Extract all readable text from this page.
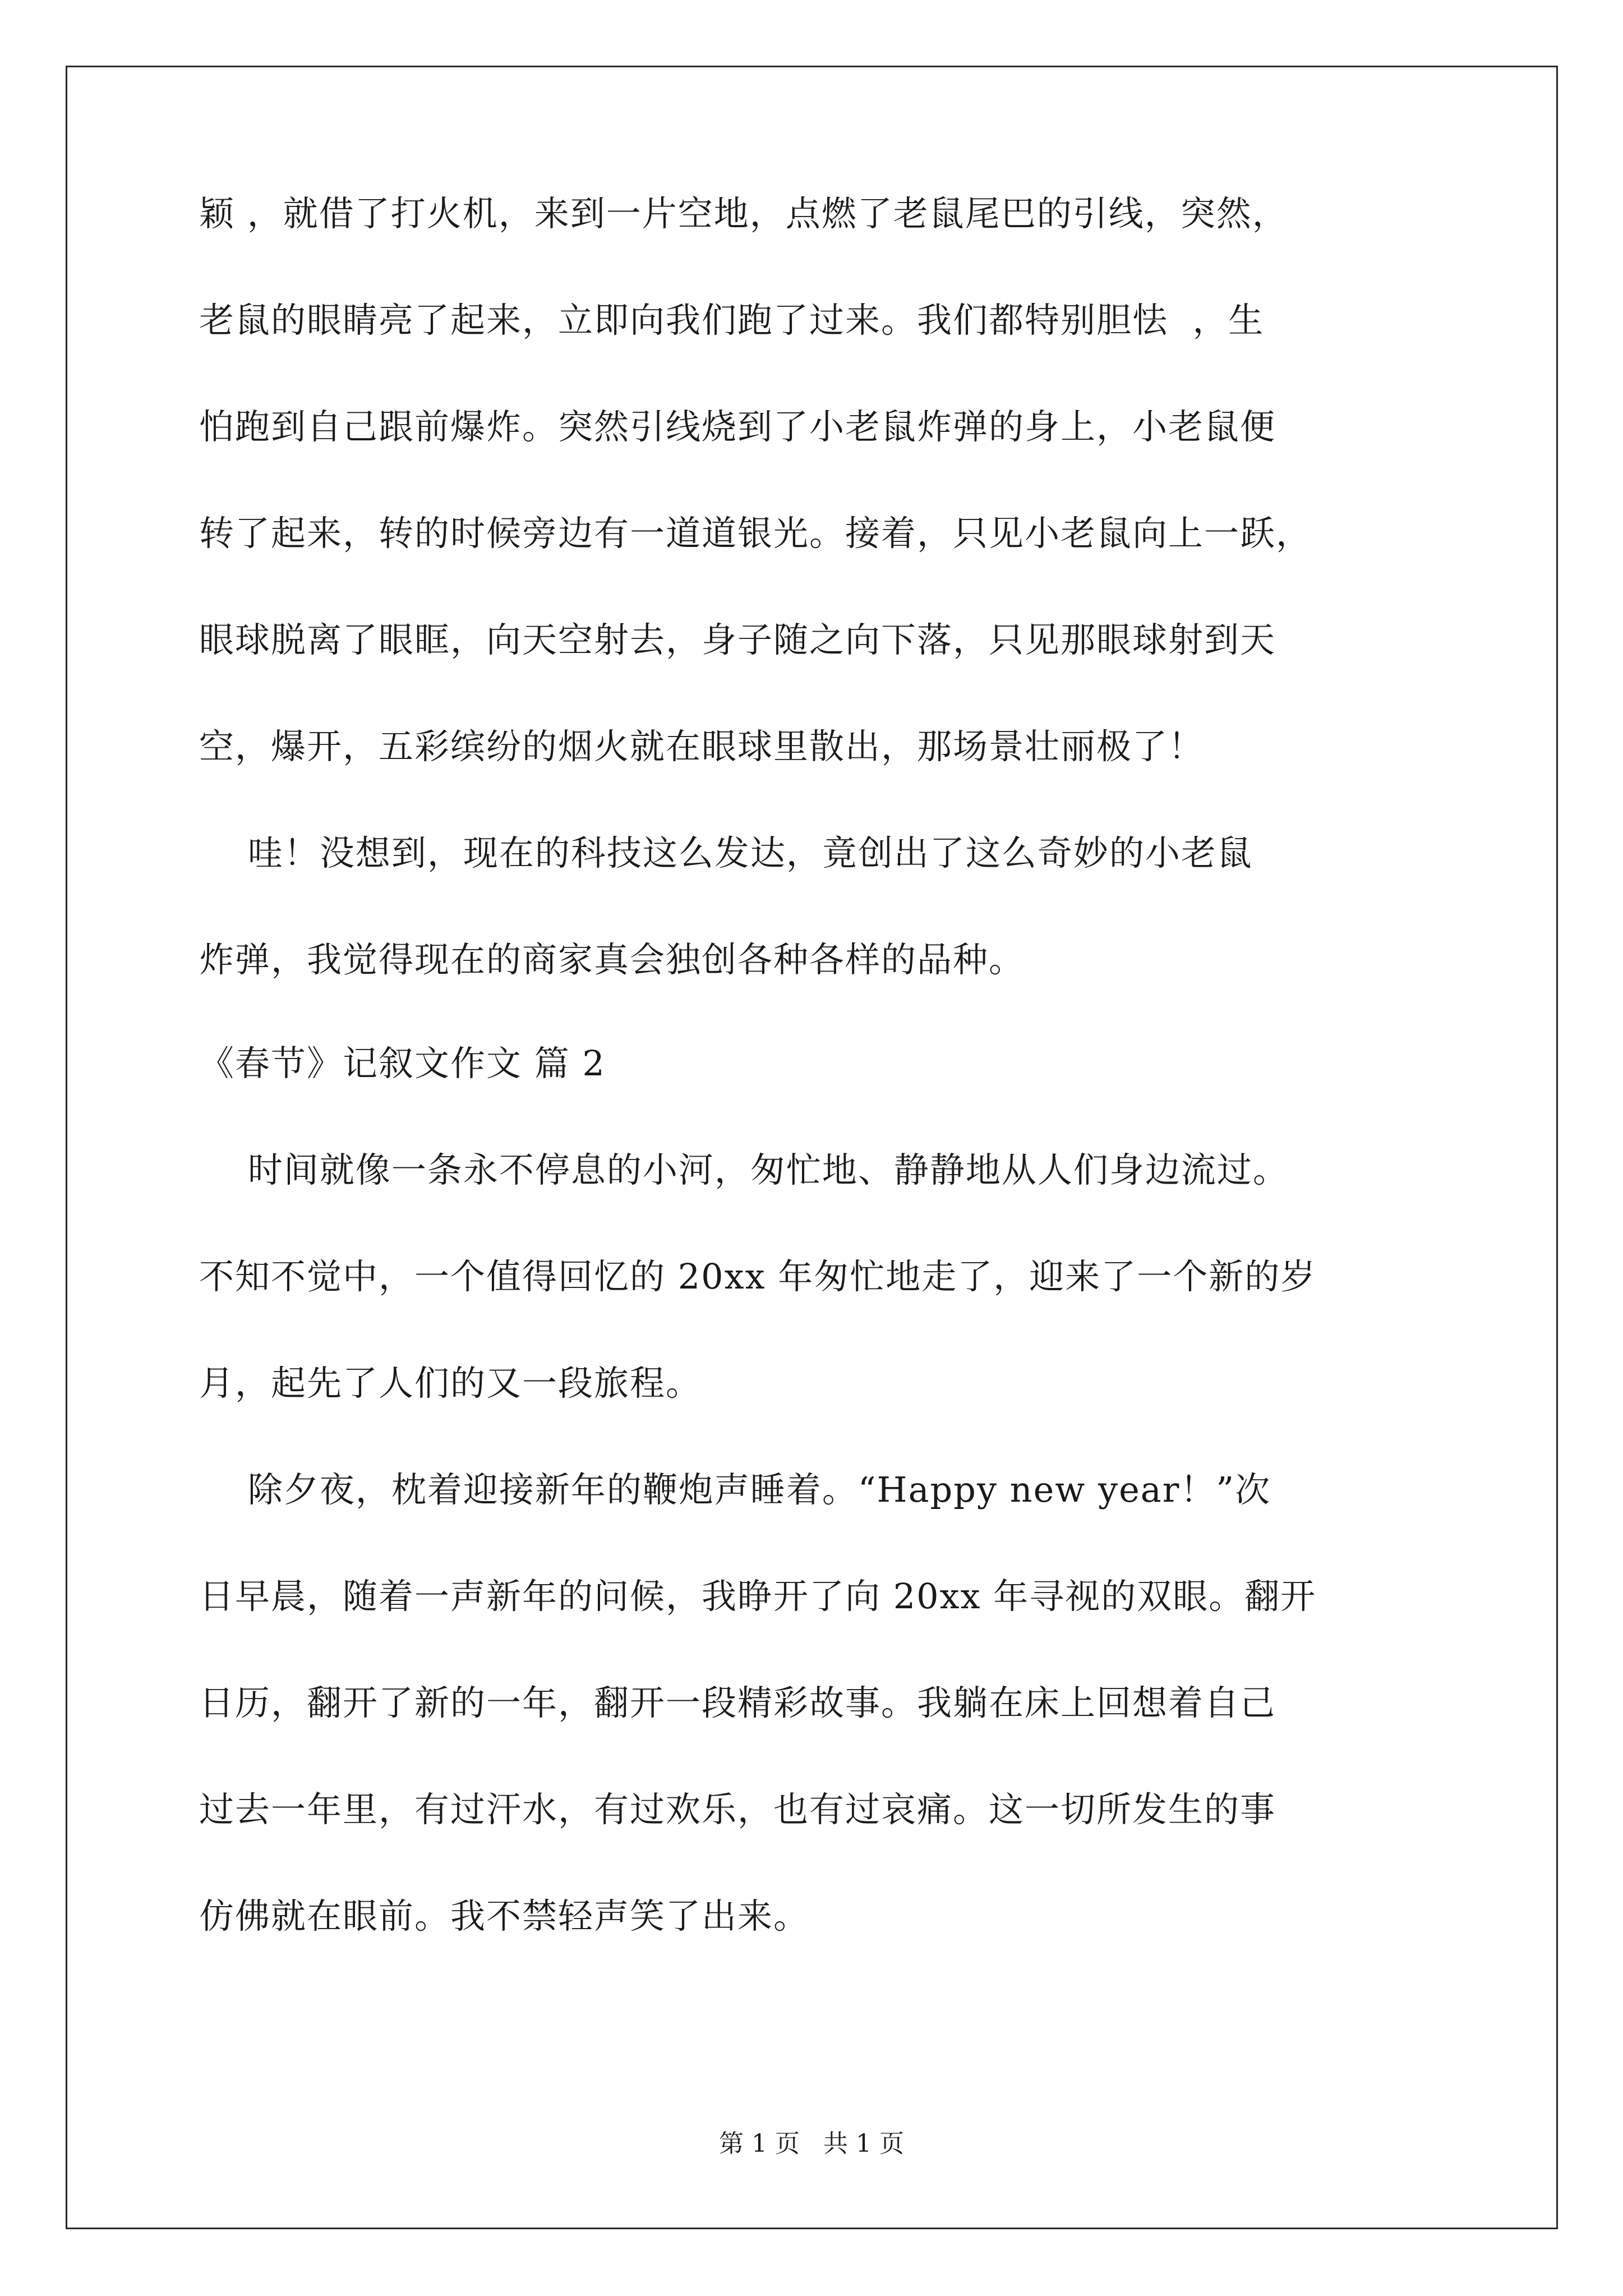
颖 ，就借了打火机，来到一片空地，点燃了老鼠尾巴的引线，突然，
老鼠的眼睛亮了起来，立即向我们跑了过来。我们都特别胆怯  ，生
怕跑到自己跟前爆炸。突然引线烧到了小老鼠炸弹的身上，小老鼠便
转了起来，转的时候旁边有一道道银光。接着，只见小老鼠向上一跃，
眼球脱离了眼眶，向天空射去，身子随之向下落，只见那眼球射到天
空，爆开，五彩缤纷的烟火就在眼球里散出，那场景壮丽极了！
哇！没想到，现在的科技这么发达，竟创出了这么奇妙的小老鼠
炸弹，我觉得现在的商家真会独创各种各样的品种。
《春节》记叙文作文 篇 2
时间就像一条永不停息的小河，匆忙地、静静地从人们身边流过。
不知不觉中，一个值得回忆的 20xx 年匆忙地走了，迎来了一个新的岁
月，起先了人们的又一段旅程。
除夕夜，枕着迎接新年的鞭炮声睡着。“Happy new year！”次
日早晨，随着一声新年的问候，我睁开了向 20xx 年寻视的双眼。翻开
日历，翻开了新的一年，翻开一段精彩故事。我躺在床上回想着自己
过去一年里，有过汗水，有过欢乐，也有过哀痛。这一切所发生的事
仿佛就在眼前。我不禁轻声笑了出来。
第 1 页   共 1 页
